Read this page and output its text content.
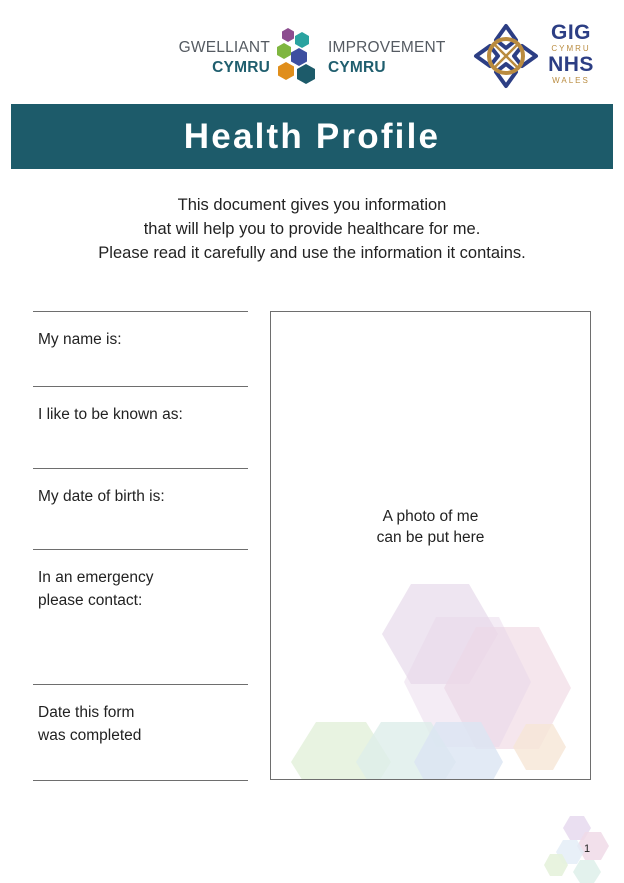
GWELLIANT
CYMRU
IMPROVEMENT
CYMRU
GIG
CYMRU
NHS
WALES
Health Profile
This document gives you information
that will help you to provide healthcare for me.
Please read it carefully and use the information it contains.
My name is:
I like to be known as:
My date of birth is:
In an emergency
please contact:
Date this form
was completed
A photo of me
can be put here
1
